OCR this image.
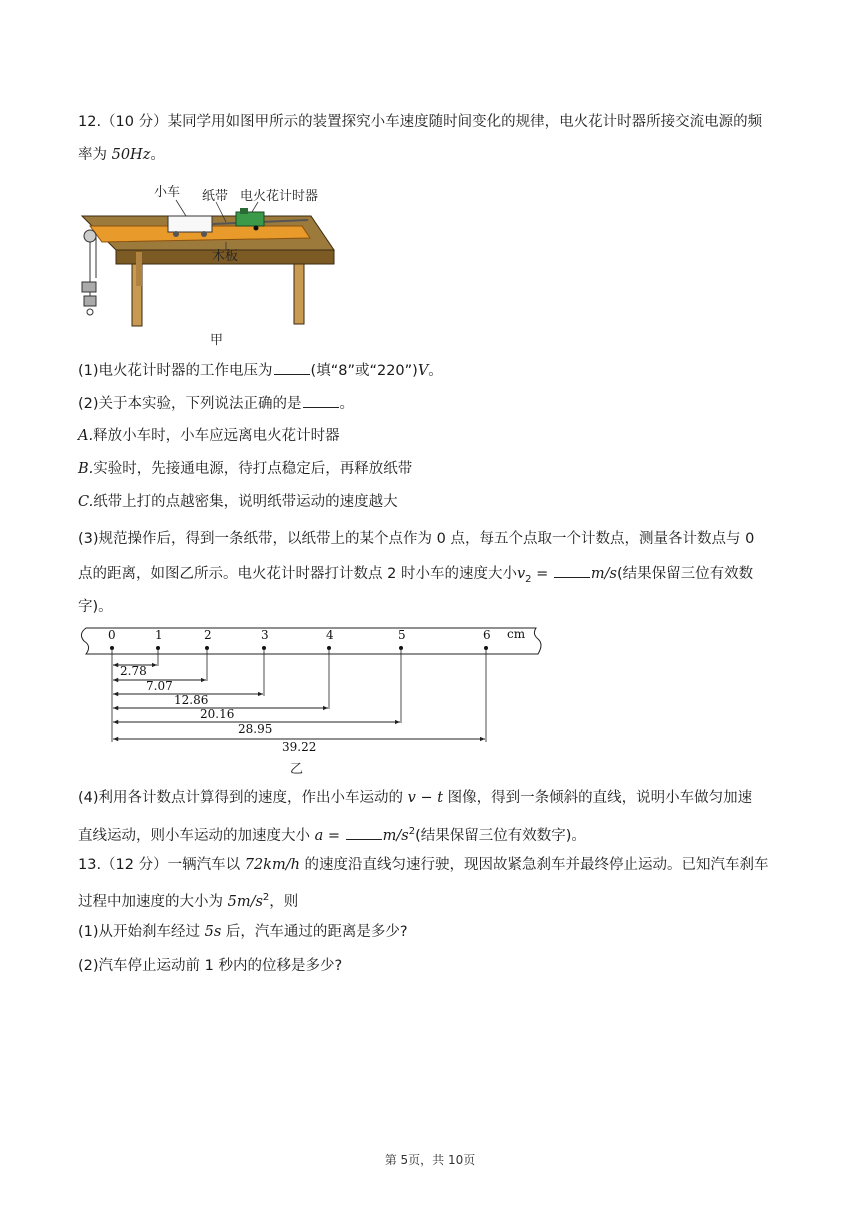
12.（10 分）某同学用如图甲所示的装置探究小车速度随时间变化的规律，电火花计时器所接交流电源的频
率为 50Hz。
小车 纸带 电火花计时器
木板
甲
(1)电火花计时器的工作电压为	(填“8”或“220”)V。
(2)关于本实验，下列说法正确的是	。
A.释放小车时，小车应远离电火花计时器
B.实验时，先接通电源，待打点稳定后，再释放纸带
C.纸带上打的点越密集，说明纸带运动的速度越大
(3)规范操作后，得到一条纸带，以纸带上的某个点作为 0 点，每五个点取一个计数点，测量各计数点与 0
点的距离，如图乙所示。电火花计时器打计数点 2 时小车的速度大小$v_2$ =	m/s(结果保留三位有效数
字)。
cm
0	1	2	3	4	5	6
2.78
7.07
12.86
20.16
28.95
39.22
乙
(4)利用各计数点计算得到的速度，作出小车运动的 v − t 图像，得到一条倾斜的直线，说明小车做匀加速
直线运动，则小车运动的加速度大小 a =	$m/s^2$(结果保留三位有效数字)。
13.（12 分）一辆汽车以 72km/h 的速度沿直线匀速行驶，现因故紧急刹车并最终停止运动。已知汽车刹车
过程中加速度的大小为 $5m/s^2$，则
(1)从开始刹车经过 5s 后，汽车通过的距离是多少?
(2)汽车停止运动前 1 秒内的位移是多少?
第 5页，共 10页
